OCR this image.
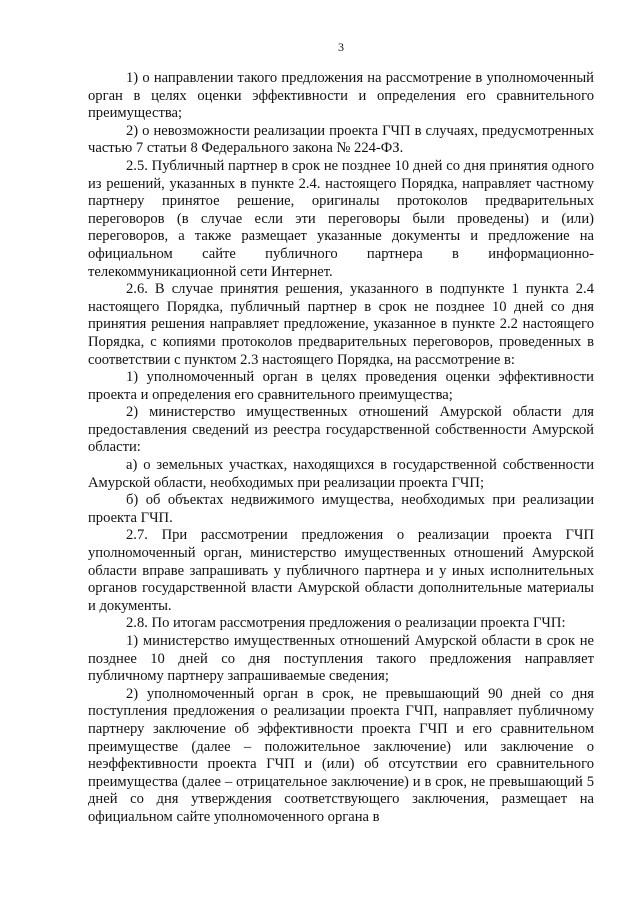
3

1) о направлении такого предложения на рассмотрение в уполномоченный орган в целях оценки эффективности и определения его сравнительного преимущества;

2) о невозможности реализации проекта ГЧП в случаях, предусмотренных частью 7 статьи 8 Федерального закона № 224-ФЗ.

2.5. Публичный партнер в срок не позднее 10 дней со дня принятия одного из решений, указанных в пункте 2.4. настоящего Порядка, направляет частному партнеру принятое решение, оригиналы протоколов предварительных переговоров (в случае если эти переговоры были проведены) и (или) переговоров, а также размещает указанные документы и предложение на официальном сайте публичного партнера в информационно-телекоммуникационной сети Интернет.

2.6. В случае принятия решения, указанного в подпункте 1 пункта 2.4 настоящего Порядка, публичный партнер в срок не позднее 10 дней со дня принятия решения направляет предложение, указанное в пункте 2.2 настоящего Порядка, с копиями протоколов предварительных переговоров, проведенных в соответствии с пунктом 2.3 настоящего Порядка, на рассмотрение в:

1) уполномоченный орган в целях проведения оценки эффективности проекта и определения его сравнительного преимущества;

2) министерство имущественных отношений Амурской области для предоставления сведений из реестра государственной собственности Амурской области:

а) о земельных участках, находящихся в государственной собственности Амурской области, необходимых при реализации проекта ГЧП;

б) об объектах недвижимого имущества, необходимых при реализации проекта ГЧП.

2.7. При рассмотрении предложения о реализации проекта ГЧП уполномоченный орган, министерство имущественных отношений Амурской области вправе запрашивать у публичного партнера и у иных исполнительных органов государственной власти Амурской области дополнительные материалы и документы.

2.8. По итогам рассмотрения предложения о реализации проекта ГЧП:

1) министерство имущественных отношений Амурской области в срок не позднее 10 дней со дня поступления такого предложения направляет публичному партнеру запрашиваемые сведения;

2) уполномоченный орган в срок, не превышающий 90 дней со дня поступления предложения о реализации проекта ГЧП, направляет публичному партнеру заключение об эффективности проекта ГЧП и его сравнительном преимуществе (далее – положительное заключение) или заключение о неэффективности проекта ГЧП и (или) об отсутствии его сравнительного преимущества (далее – отрицательное заключение) и в срок, не превышающий 5 дней со дня утверждения соответствующего заключения, размещает на официальном сайте уполномоченного органа в
